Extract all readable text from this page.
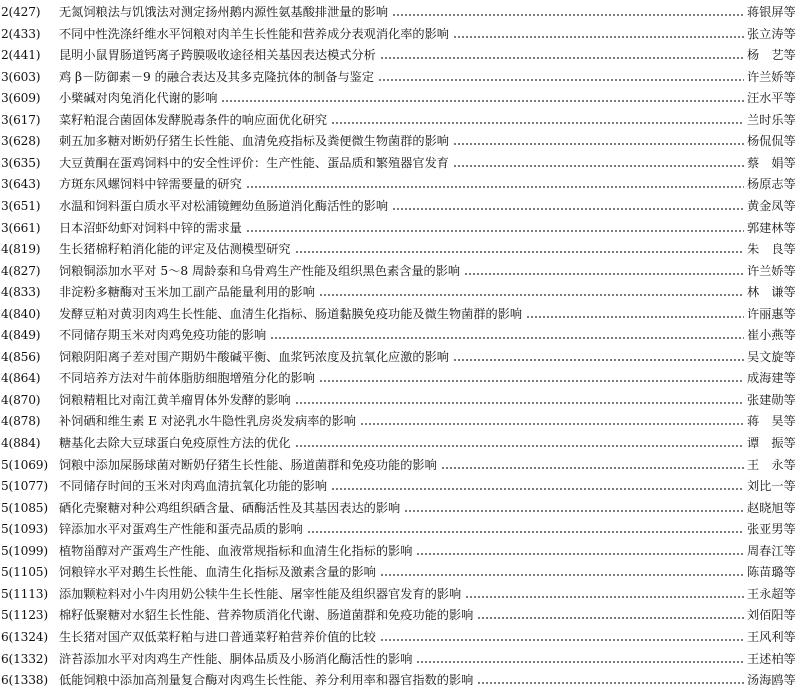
2(427)	无氮饲粮法与饥饿法对测定扬州鹅内源性氨基酸排泄量的影响	蒋银屏等
2(433)	不同中性洗涤纤维水平饲粮对肉羊生长性能和营养成分表观消化率的影响	张立涛等
2(441)	昆明小鼠胃肠道钙离子跨膜吸收途径相关基因表达模式分析	杨　艺等
3(603)	鸡 β－防御素－9 的融合表达及其多克隆抗体的制备与鉴定	许兰娇等
3(609)	小檗碱对肉兔消化代谢的影响	汪水平等
3(617)	菜籽粕混合菌固体发酵脱毒条件的响应面优化研究	兰时乐等
3(628)	刺五加多糖对断奶仔猪生长性能、血清免疫指标及粪便微生物菌群的影响	杨侃侃等
3(635)	大豆黄酮在蛋鸡饲料中的安全性评价：生产性能、蛋品质和繁殖器官发育	蔡　娟等
3(643)	方斑东风螺饲料中锌需要量的研究	杨原志等
3(651)	水温和饲料蛋白质水平对松浦镜鲤幼鱼肠道消化酶活性的影响	黄金凤等
3(661)	日本沼虾幼虾对饲料中锌的需求量	郭建林等
4(819)	生长猪棉籽粕消化能的评定及估测模型研究	朱　良等
4(827)	饲粮铜添加水平对 5～8 周龄泰和乌骨鸡生产性能及组织黑色素含量的影响	许兰娇等
4(833)	非淀粉多糖酶对玉米加工副产品能量利用的影响	林　谦等
4(840)	发酵豆粕对黄羽肉鸡生长性能、血清生化指标、肠道黏膜免疫功能及微生物菌群的影响	许丽惠等
4(849)	不同储存期玉米对肉鸡免疫功能的影响	崔小燕等
4(856)	饲粮阴阳离子差对围产期奶牛酸碱平衡、血浆钙浓度及抗氧化应激的影响	吴文旋等
4(864)	不同培养方法对牛前体脂肪细胞增殖分化的影响	成海建等
4(870)	饲粮精粗比对南江黄羊瘤胃体外发酵的影响	张建勋等
4(878)	补饲硒和维生素 E 对泌乳水牛隐性乳房炎发病率的影响	蒋　昊等
4(884)	糖基化去除大豆球蛋白免疫原性方法的优化	谭　振等
5(1069) 饲粮中添加屎肠球菌对断奶仔猪生长性能、肠道菌群和免疫功能的影响	王　永等
5(1077) 不同储存时间的玉米对肉鸡血清抗氧化功能的影响	刘比一等
5(1085) 硒化壳聚糖对种公鸡组织硒含量、硒酶活性及其基因表达的影响	赵晓旭等
5(1093) 锌添加水平对蛋鸡生产性能和蛋壳品质的影响	张亚男等
5(1099) 植物甾醇对产蛋鸡生产性能、血液常规指标和血清生化指标的影响	周春江等
5(1105) 饲粮锌水平对鹅生长性能、血清生化指标及激素含量的影响	陈苗璐等
5(1113) 添加颗粒料对小牛肉用奶公犊牛生长性能、屠宰性能及组织器官发育的影响	王永超等
5(1123) 棉籽低聚糖对水貂生长性能、营养物质消化代谢、肠道菌群和免疫功能的影响	刘佰阳等
6(1324) 生长猪对国产双低菜籽粕与进口普通菜籽粕营养价值的比较	王风利等
6(1332) 浒苔添加水平对肉鸡生产性能、胴体品质及小肠消化酶活性的影响	王述柏等
6(1338) 低能饲粮中添加高剂量复合酶对肉鸡生长性能、养分利用率和器官指数的影响	汤海鸥等
